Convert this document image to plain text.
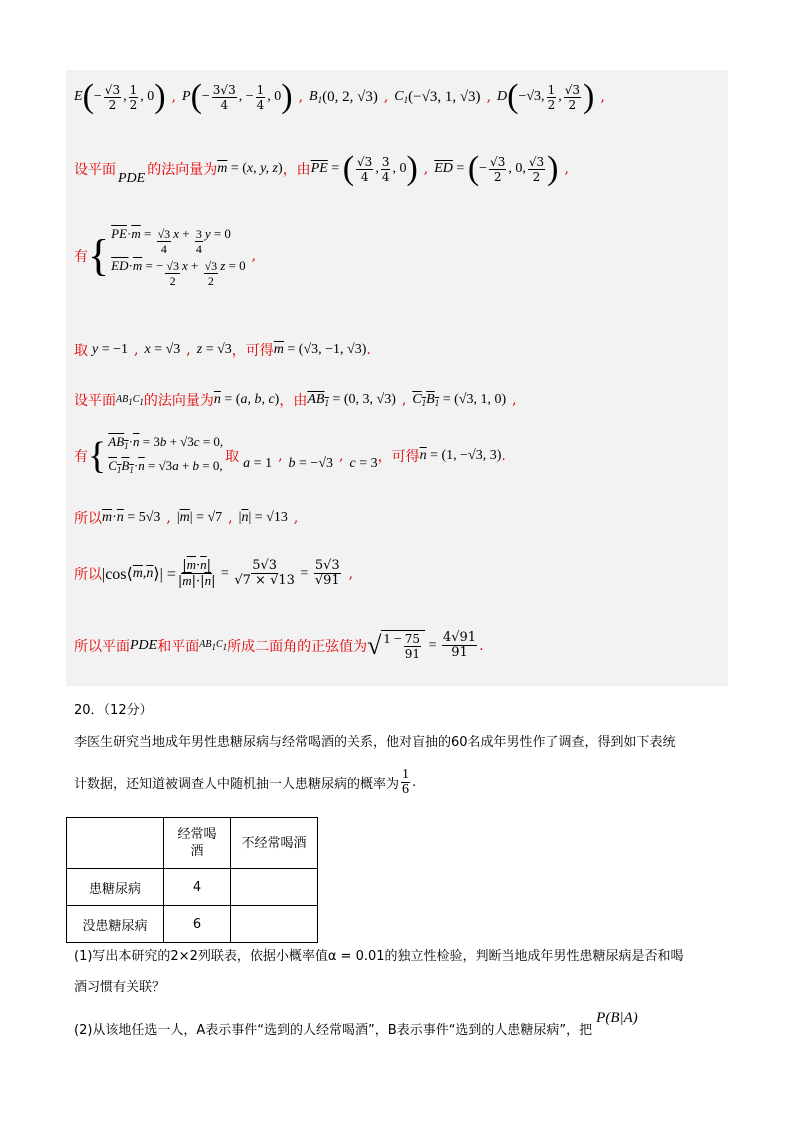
E ( − $\frac{√3}{2}$ , $\frac{1}{2}$ , 0 ) , P ( − $\frac{3√3}{4}$ , − $\frac{1}{4}$ , 0 ) , $B_1$ (0, 2, √3) , $C_1$ (−√3, 1, √3) , D ( −√3, $\frac{1}{2}$ , $\frac{√3}{2}$ ) ,
设平面
PDE
的法向量为 $\overline{m}$ = ( x, y, z ) ，由 $\overline{PE}$ = ( $\frac{√3}{4}$ , $\frac{3}{4}$ , 0 ) , $\overline{ED}$ = ( − $\frac{√3}{2}$ , 0, $\frac{√3}{2}$ ) ,
有 { $\overline{PE}\cdot\overline{m} = \frac{√3}{4}$ $x + \frac{3}{4}$ y = 0
$\overline{ED}\cdot\overline{m}$ = − $\frac{√3}{2}$ $x + \frac{√3}{2}$ z = 0
,
取 y = −1 , x = √3 , z = √3 ，可得 $\overline{m} = (√3$, −1, √3) .
设平面 AB1C1 的法向量为 $\overline{n}$ = ( a, b, c ) ，由 $AB_1 = (0$, 3, √3) , $C_1B_1 = (√3$, 1, 0) ,
有 { $AB_1\cdot\overline{n} = 3b + √3c = 0$,
$C_1B_1\cdot\overline{n} = √3a + b = 0$,
取 a = 1 , b = −√3 , c = 3 ，可得 $\overline{n} = (1$, −√3, 3) .
所以 $\overline{m} \cdot \overline{n} = 5√3$ , | $\overline{m}$ | = √7 , | $\overline{n}$ | = √13 ,
所以 |cos⟨ $\overline{m}$ , $\overline{n}$ ⟩| = $\frac{|\overline{m}\cdot\overline{n}|}{|\overline{m}|\cdot|\overline{n}|} = \frac{5√3}{√7 \times √13} = \frac{5√3}{√91}$ ,
所以平面 PDE 和平面 AB1C1 所成二面角的正弦值为 √ $1 - \frac{75}{91} = \frac{4√91}{91}$ .
20．（12分）
李医生研究当地成年男性患糖尿病与经常喝酒的关系，他对盲抽的60名成年男性作了调查，得到如下表统
计数据，还知道被调查人中随机抽一人患糖尿病的概率为 $\frac{1}{6}$ .
	经常喝
酒	不经常喝酒
患糖尿病	4	
没患糖尿病	6	
(1)写出本研究的2×2列联表，依据小概率值α = 0.01的独立性检验，判断当地成年男性患糖尿病是否和喝
酒习惯有关联？
(2)从该地任选一人，A表示事件“选到的人经常喝酒”，B表示事件“选到的人患糖尿病”，把
P(B|A)
